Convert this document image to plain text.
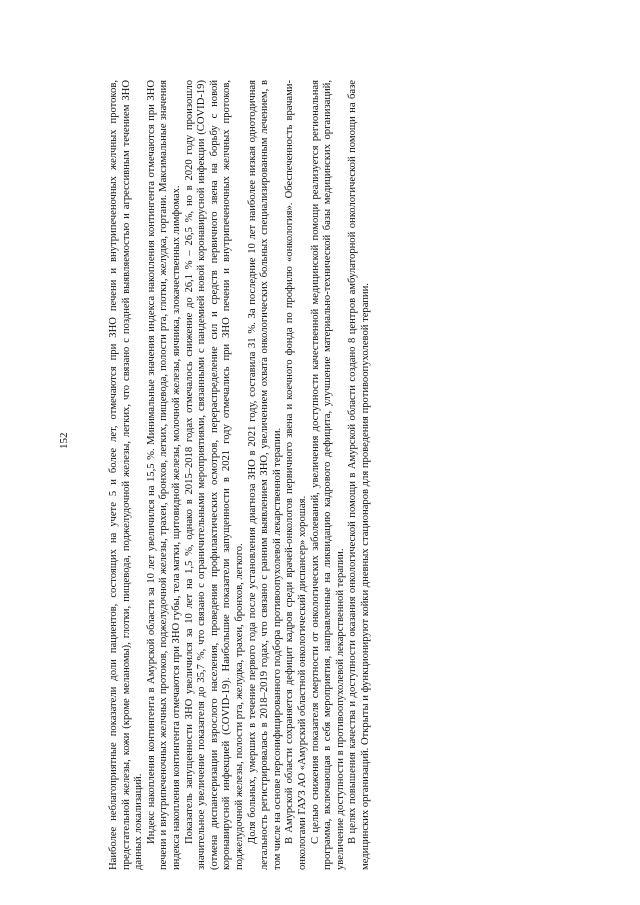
152	Наиболее неблагоприятные показатели доли пациентов, состоящих на учете 5 и более лет, отмечаются при ЗНО печени и внутрипеченочных желчных протоков, предстательной железы, кожи (кроме меланомы), глотки, пищевода, поджелудочной железы, легких, что связано с поздней выявляемостью и агрессивным течением ЗНО данных локализаций. Индекс накопления контингента в Амурской области за 10 лет увеличился на 15,5 %. Минимальные значения индекса накопления контингента отмечаются при ЗНО печени и внутрипеченочных желчных протоков, поджелудочной железы, трахеи, бронхов, легких, пищевода, полости рта, глотки, желудка, гортани. Максимальные значения индекса накопления контингента отмечаются при ЗНО губы, тела матки, щитовидной железы, молочной железы, яичника, злокачественных лимфомах. Показатель запущенности ЗНО увеличился за 10 лет на 1,5 %, однако в 2015–2018 годах отмечалось снижение до 26,1 % – 26,5 %, но в 2020 году произошло значительное увеличение показателя до 35,7 %, что связано с ограничительными мероприятиями, связанными с пандемией новой коронавирусной инфекции (COVID-19) (отмена диспансеризации взрослого населения, проведения профилактических осмотров, перераспределение сил и средств первичного звена на борьбу с новой коронавирусной инфекцией (COVID-19). Наибольшие показатели запущенности в 2021 году отмечались при ЗНО печени и внутрипеченочных желчных протоков, поджелудочной железы, полости рта, желудка, трахеи, бронхов, легкого. Доля больных, умерших в течение первого года после установления диагноза ЗНО в 2021 году, составила 31 %. За последние 10 лет наиболее низкая однотодичная летальность регистрировалась в 2018–2019 годах, что связано с ранним выявлением ЗНО, увеличением охвата онкологических больных специализированным лечением, в том числе на основе персонифицированного подбора противоопухолевой лекарственной терапии. В Амурской области сохраняется дефицит кадров среди врачей-онкологов первичного звена и коечного фонда по профилю «онкология». Обеспеченность врачами-онкологами ГАУЗ АО «Амурский областной онкологический диспансер» хорошая. С целью снижения показателя смертности от онкологических заболеваний, увеличения доступности качественной медицинской помощи реализуется региональная программа, включающая в себя мероприятия, направленные на ликвидацию кадрового дефицита, улучшение материально-технической базы медицинских организаций, увеличение доступности в противоопухолевой лекарственной терапии. В целях повышения качества и доступности оказания онкологической помощи в Амурской области создано 8 центров амбулаторной онкологической помощи на базе медицинских организаций. Открыты и функционируют койки дневных стационаров для проведения противоопухолевой терапии.
